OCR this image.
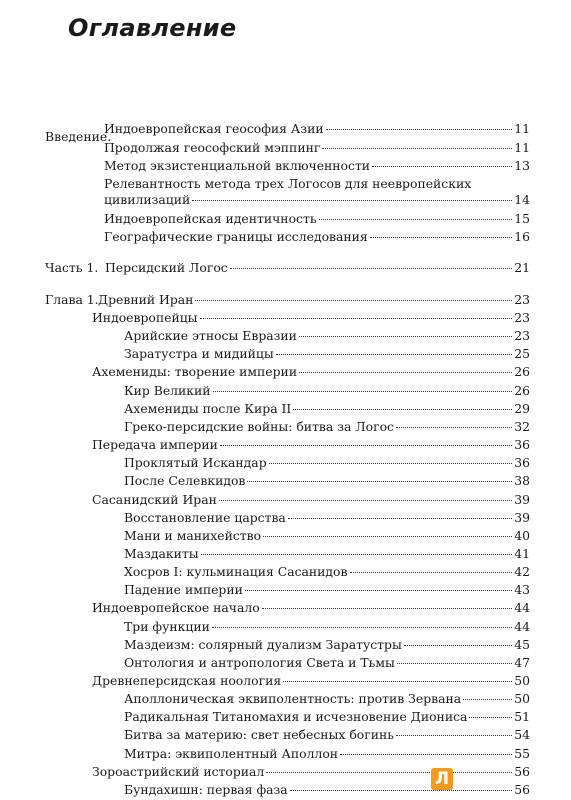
Оглавление
Введение.
Индоевропейская геософия Азии	11
Продолжая геософский мэппинг	11
Метод экзистенциальной включенности	13
Релевантность метода трех Логосов для неевропейских
цивилизаций	14
Индоевропейская идентичность	15
Географические границы исследования	16
Часть 1. Персидский Логос	21
Глава 1. Древний Иран	23
Индоевропейцы	23
Арийские этносы Евразии	23
Заратустра и мидийцы	25
Ахемениды: творение империи	26
Кир Великий	26
Ахемениды после Кира II	29
Греко-персидские войны: битва за Логос	32
Передача империи	36
Проклятый Искандар	36
После Селевкидов	38
Сасанидский Иран	39
Восстановление царства	39
Мани и манихейство	40
Маздакиты	41
Хосров I: кульминация Сасанидов	42
Падение империи	43
Индоевропейское начало	44
Три функции	44
Маздеизм: солярный дуализм Заратустры	45
Онтология и антропология Света и Тьмы	47
Древнеперсидская ноология	50
Аполлоническая эквиполентность: против Зервана	50
Радикальная Титаномахия и исчезновение Диониса	51
Битва за материю: свет небесных богинь	54
Митра: эквиполентный Аполлон	55
Зороастрийский историал	56
Бундахишн: первая фаза	56
Л
